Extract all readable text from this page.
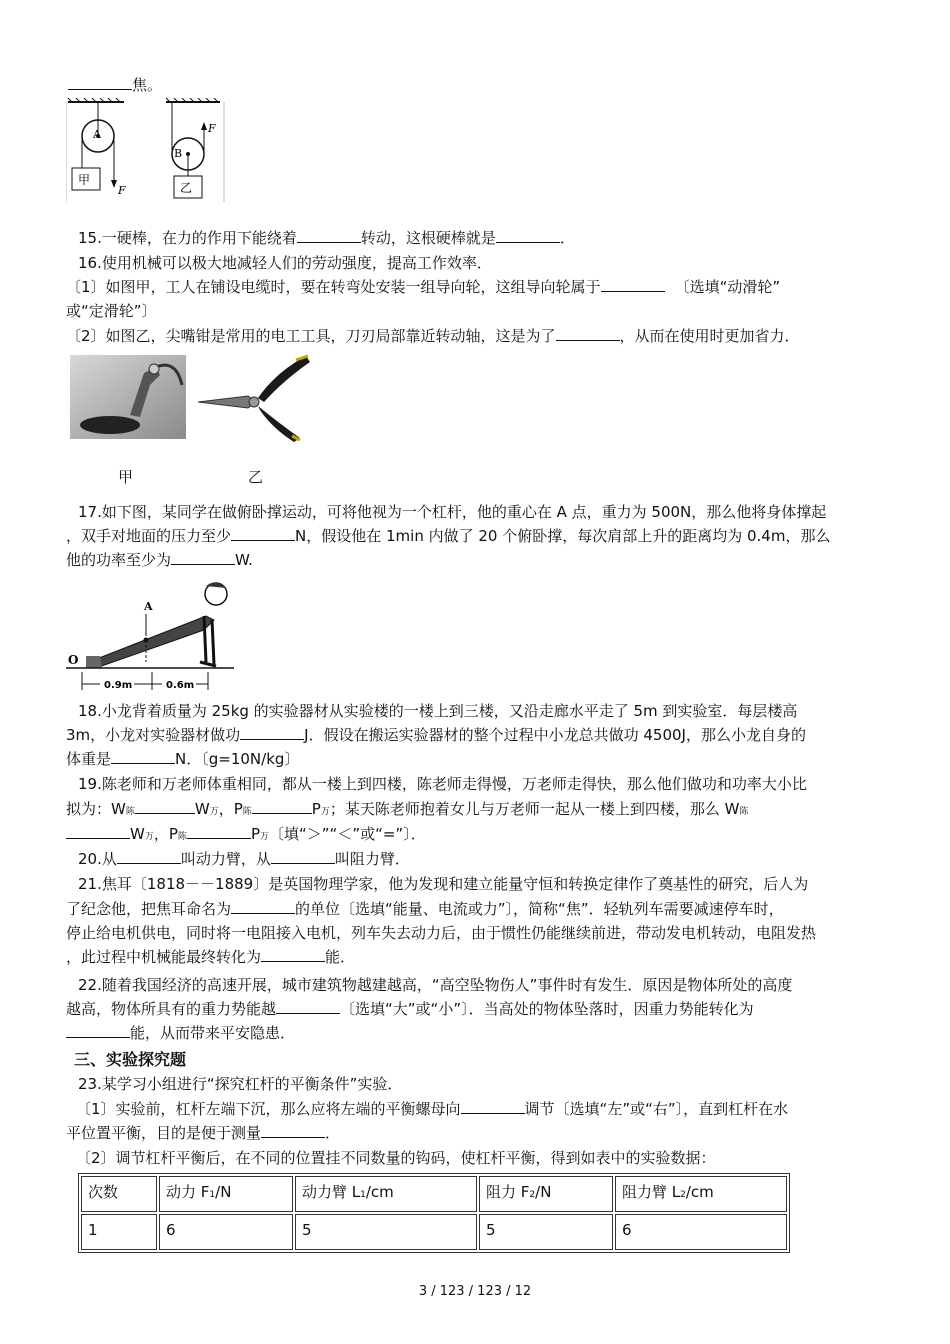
焦。
A
F
甲
B
F
乙
15.一硬棒，在力的作用下能绕着	转动，这根硬棒就是	．
16.使用机械可以极大地减轻人们的劳动强度，提高工作效率．
〔1〕如图甲，工人在铺设电缆时，要在转弯处安装一组导向轮，这组导向轮属于	〔选填“动滑轮”
或“定滑轮”〕
〔2〕如图乙，尖嘴钳是常用的电工工具，刀刃局部靠近转动轴，这是为了	，从而在使用时更加省力．
甲	乙
17.如下图，某同学在做俯卧撑运动，可将他视为一个杠杆，他的重心在 A 点，重力为 500N，那么他将身体撑起
，双手对地面的压力至少	N，假设他在 1min 内做了 20 个俯卧撑，每次肩部上升的距离均为 0.4m，那么
他的功率至少为	W.
A
O
0.9m	0.6m
18.小龙背着质量为 25kg 的实验器材从实验楼的一楼上到三楼，又沿走廊水平走了 5m 到实验室．每层楼高
3m，小龙对实验器材做功	J．假设在搬运实验器材的整个过程中小龙总共做功 4500J，那么小龙自身的
体重是	N．〔g=10N/kg〕
19.陈老师和万老师体重相同，都从一楼上到四楼，陈老师走得慢，万老师走得快，那么他们做功和功率大小比
拟为：W陈	W万，P陈	P万；某天陈老师抱着女儿与万老师一起从一楼上到四楼，那么 W陈
W万，P陈	P万〔填“＞”“＜”或“=”〕．
20.从	叫动力臂，从	叫阻力臂．
21.焦耳〔1818－－1889〕是英国物理学家，他为发现和建立能量守恒和转换定律作了奠基性的研究，后人为
了纪念他，把焦耳命名为	的单位〔选填“能量、电流或力”〕，简称“焦”．轻轨列车需要减速停车时，
停止给电机供电，同时将一电阻接入电机，列车失去动力后，由于惯性仍能继续前进，带动发电机转动，电阻发热
，此过程中机械能最终转化为	能．
22.随着我国经济的高速开展，城市建筑物越建越高，“高空坠物伤人”事件时有发生．原因是物体所处的高度
越高，物体所具有的重力势能越	〔选填“大”或“小”〕．当高处的物体坠落时，因重力势能转化为
能，从而带来平安隐患．
三、实验探究题
23.某学习小组进行“探究杠杆的平衡条件”实验．
〔1〕实验前，杠杆左端下沉，那么应将左端的平衡螺母向	调节〔选填“左”或“右”〕，直到杠杆在水
平位置平衡，目的是便于测量	．
〔2〕调节杠杆平衡后，在不同的位置挂不同数量的钩码，使杠杆平衡，得到如表中的实验数据：
次数	动力 F1/N	动力臂 L1/cm	阻力 F2/N	阻力臂 L2/cm
1	6	5	5	6
3 / 123 / 123 / 12
